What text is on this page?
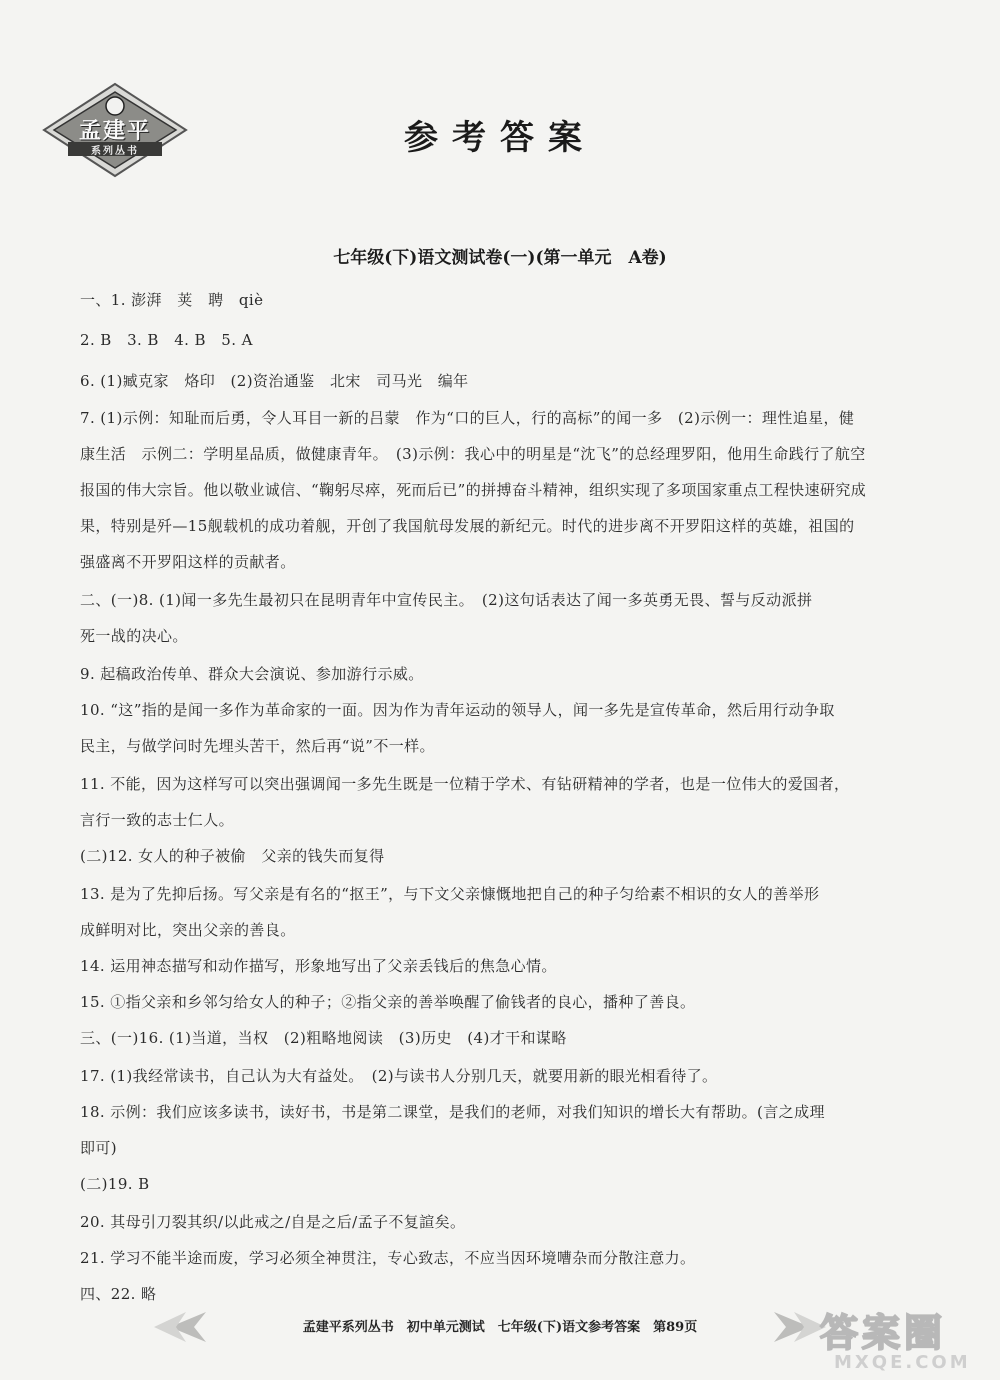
孟建平
系列丛书	参考答案
七年级(下)语文测试卷(一)(第一单元　A卷)
一、1. 澎湃　荚　聘　qiè
2. B　3. B　4. B　5. A
6. (1)臧克家　烙印　(2)资治通鉴　北宋　司马光　编年
7. (1)示例：知耻而后勇，令人耳目一新的吕蒙　作为“口的巨人，行的高标”的闻一多　(2)示例一：理性追星，健
康生活　示例二：学明星品质，做健康青年。　(3)示例：我心中的明星是“沈飞”的总经理罗阳，他用生命践行了航空
报国的伟大宗旨。他以敬业诚信、“鞠躬尽瘁，死而后已”的拼搏奋斗精神，组织实现了多项国家重点工程快速研究成
果，特别是歼—15舰载机的成功着舰，开创了我国航母发展的新纪元。时代的进步离不开罗阳这样的英雄，祖国的
强盛离不开罗阳这样的贡献者。
二、(一)8. (1)闻一多先生最初只在昆明青年中宣传民主。　(2)这句话表达了闻一多英勇无畏、誓与反动派拼
死一战的决心。
9. 起稿政治传单、群众大会演说、参加游行示威。
10. “这”指的是闻一多作为革命家的一面。因为作为青年运动的领导人，闻一多先是宣传革命，然后用行动争取
民主，与做学问时先埋头苦干，然后再“说”不一样。
11. 不能，因为这样写可以突出强调闻一多先生既是一位精于学术、有钻研精神的学者，也是一位伟大的爱国者，
言行一致的志士仁人。
(二)12. 女人的种子被偷　父亲的钱失而复得
13. 是为了先抑后扬。写父亲是有名的“抠王”，与下文父亲慷慨地把自己的种子匀给素不相识的女人的善举形
成鲜明对比，突出父亲的善良。
14. 运用神态描写和动作描写，形象地写出了父亲丢钱后的焦急心情。
15. ①指父亲和乡邻匀给女人的种子；②指父亲的善举唤醒了偷钱者的良心，播种了善良。
三、(一)16. (1)当道，当权　(2)粗略地阅读　(3)历史　(4)才干和谋略
17. (1)我经常读书，自己认为大有益处。　(2)与读书人分别几天，就要用新的眼光相看待了。
18. 示例：我们应该多读书，读好书，书是第二课堂，是我们的老师，对我们知识的增长大有帮助。(言之成理
即可)
(二)19. B
20. 其母引刀裂其织/以此戒之/自是之后/孟子不复諠矣。
21. 学习不能半途而废，学习必须全神贯注，专心致志，不应当因环境嘈杂而分散注意力。
四、22. 略
孟建平系列丛书　初中单元测试　七年级(下)语文参考答案　第89页	答案圈
MXQE.COM
